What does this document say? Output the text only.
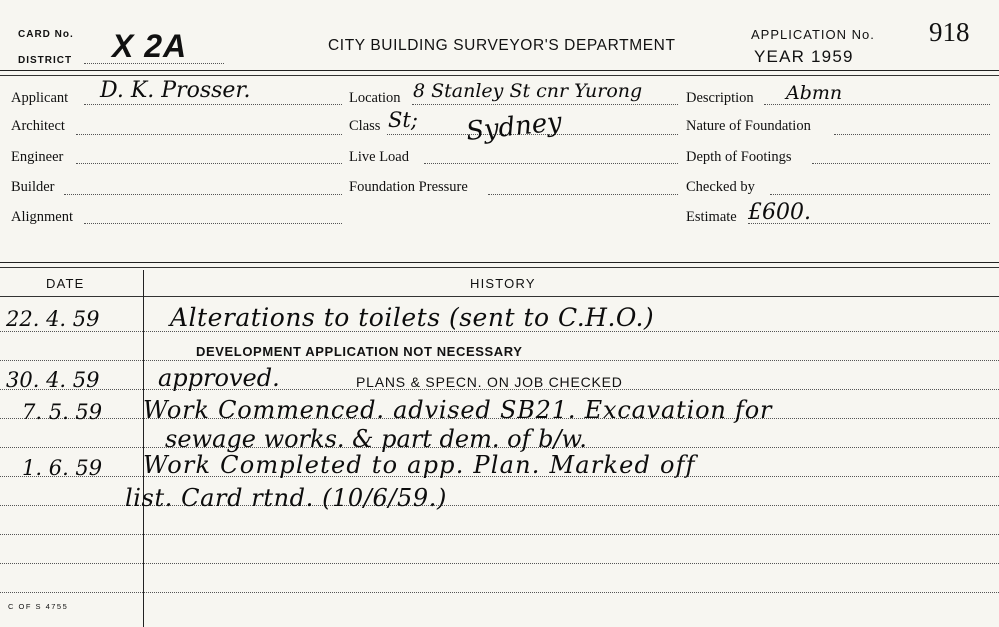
CARD No.
DISTRICT X 2A	CITY BUILDING SURVEYOR'S DEPARTMENT
APPLICATION No.
YEAR 1959
918
Applicant D. K. Prosser.
Architect
Engineer
Builder
Alignment
Location 8 Stanley St cnr Yurong
Class St; Sydney
Live Load
Foundation Pressure
Description Abmn
Nature of Foundation
Depth of Footings
Checked by
Estimate £600.
DATE	HISTORY
22. 4. 59	Alterations to toilets (sent to C.H.O.)
DEVELOPMENT APPLICATION NOT NECESSARY
30. 4. 59 approved.	PLANS & SPECN. ON JOB CHECKED
7. 5. 59 Work Commenced. advised SB21. Excavation for
sewage works. & part dem. of b/w.
1. 6. 59 Work Completed to app. Plan. Marked off
list. Card rtnd. (10/6/59.)
C OF S 4755
